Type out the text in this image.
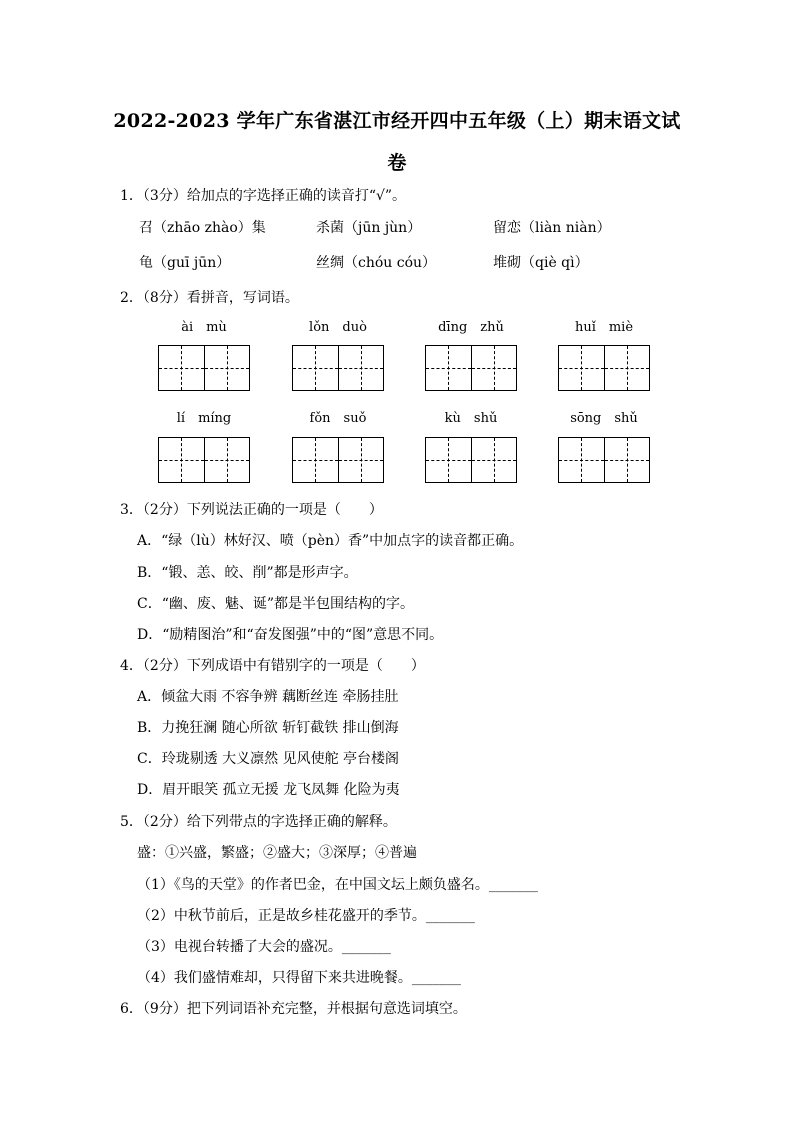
2022-2023 学年广东省湛江市经开四中五年级（上）期末语文试
卷
1．（3分）给加点的字选择正确的读音打“√”。
召（zhāo zhào）集	杀菌（jūn jùn）	留恋（liàn niàn）
龟（guī jūn）	丝绸（chóu cóu）	堆砌（qiè qì）
2．（8分）看拼音，写词语。
ài　mù	lǒn　duò	dīng　zhǔ	huǐ　miè
lí　míng	fǒn　suǒ	kù　shǔ	sōng　shǔ
3．（2分）下列说法正确的一项是（　　）
A．“绿（lù）林好汉、喷（pèn）香”中加点字的读音都正确。
B．“锻、恙、皎、削”都是形声字。
C．“幽、废、魅、诞”都是半包围结构的字。
D．“励精图治”和“奋发图强”中的“图”意思不同。
4．（2分）下列成语中有错别字的一项是（　　）
A．倾盆大雨 不容争辨 藕断丝连 牵肠挂肚
B．力挽狂澜 随心所欲 斩钉截铁 排山倒海
C．玲珑剔透 大义凛然 见风使舵 亭台楼阁
D．眉开眼笑 孤立无援 龙飞凤舞 化险为夷
5．（2分）给下列带点的字选择正确的解释。
盛：①兴盛，繁盛；②盛大；③深厚；④普遍
（1）《鸟的天堂》的作者巴金，在中国文坛上颇负盛名。_______
（2）中秋节前后，正是故乡桂花盛开的季节。_______
（3）电视台转播了大会的盛况。_______
（4）我们盛情难却，只得留下来共进晚餐。_______
6．（9分）把下列词语补充完整，并根据句意选词填空。
